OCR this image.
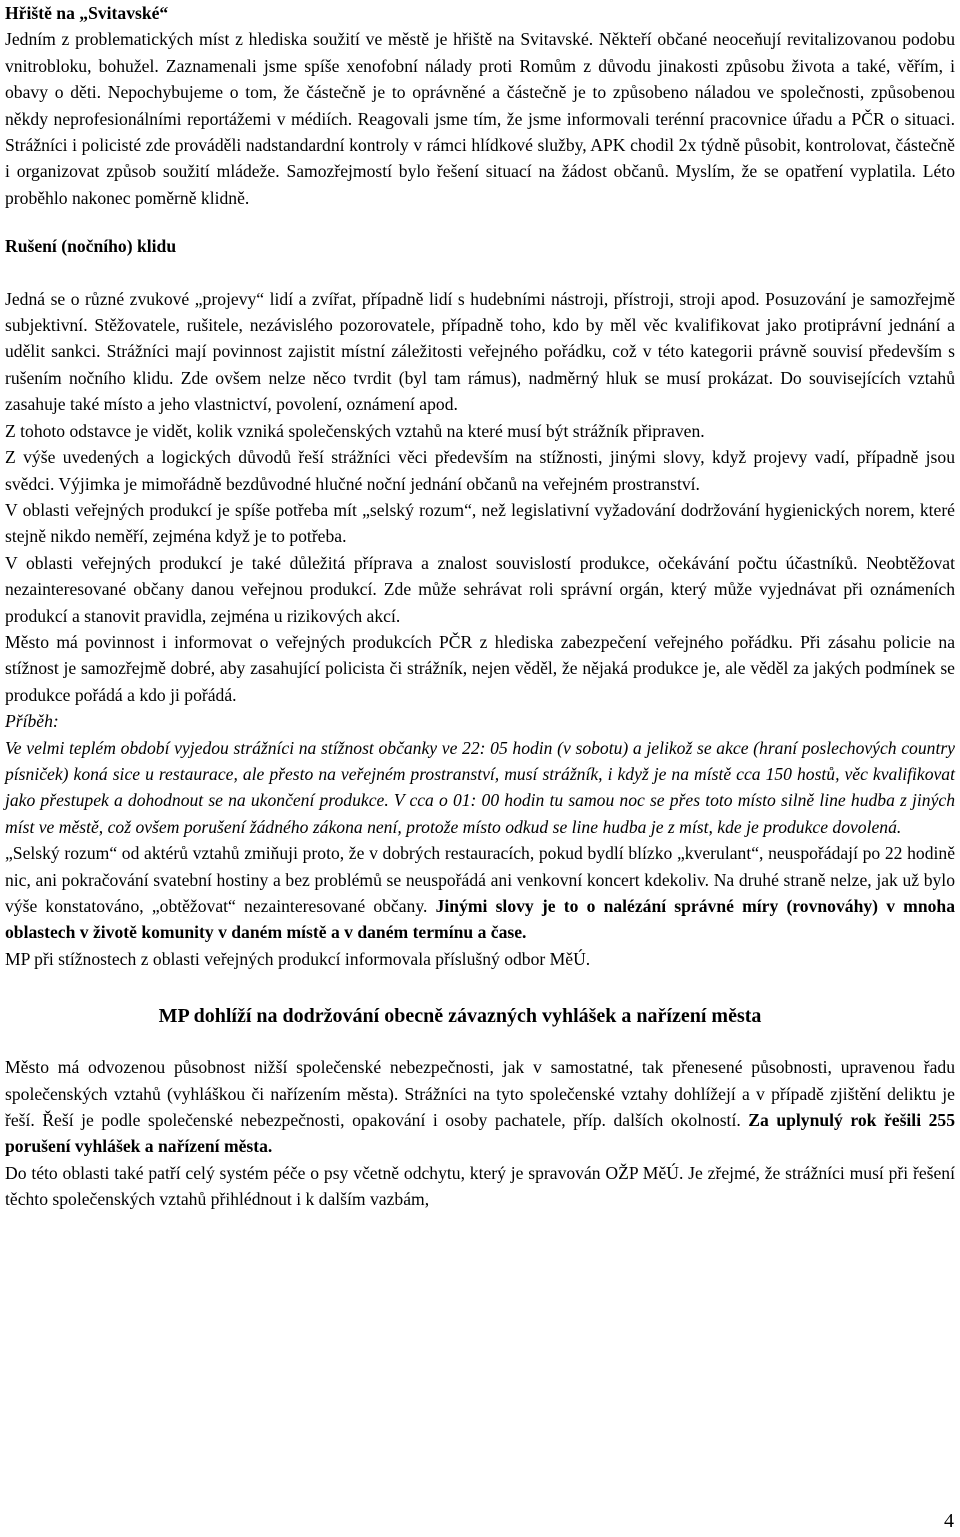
Hřiště na „Svitavské“

Jedním z problematických míst z hlediska soužití ve městě je hřiště na Svitavské. Někteří občané neoceňují revitalizovanou podobu vnitrobloku, bohužel. Zaznamenali jsme spíše xenofobní nálady proti Romům z důvodu jinakosti způsobu života a také, věřím, i obavy o děti. Nepochybujeme o tom, že částečně je to oprávněné a částečně je to způsobeno náladou ve společnosti, způsobenou někdy neprofesionálními reportážemi v médiích. Reagovali jsme tím, že jsme informovali terénní pracovnice úřadu a PČR o situaci. Strážníci i policisté zde prováděli nadstandardní kontroly v rámci hlídkové služby, APK chodil 2x týdně působit, kontrolovat, částečně i organizovat způsob soužití mládeže. Samozřejmostí bylo řešení situací na žádost občanů. Myslím, že se opatření vyplatila. Léto proběhlo nakonec poměrně klidně.

Rušení (nočního) klidu

Jedná se o různé zvukové „projevy“ lidí a zvířat, případně lidí s hudebními nástroji, přístroji, stroji apod. Posuzování je samozřejmě subjektivní. Stěžovatele, rušitele, nezávislého pozorovatele, případně toho, kdo by měl věc kvalifikovat jako protiprávní jednání a udělit sankci. Strážníci mají povinnost zajistit místní záležitosti veřejného pořádku, což v této kategorii právně souvisí především s rušením nočního klidu. Zde ovšem nelze něco tvrdit (byl tam rámus), nadměrný hluk se musí prokázat. Do souvisejících vztahů zasahuje také místo a jeho vlastnictví, povolení, oznámení apod.

Z tohoto odstavce je vidět, kolik vzniká společenských vztahů na které musí být strážník připraven.

Z výše uvedených a logických důvodů řeší strážníci věci především na stížnosti, jinými slovy, když projevy vadí, případně jsou svědci. Výjimka je mimořádně bezdůvodné hlučné noční jednání občanů na veřejném prostranství.

V oblasti veřejných produkcí je spíše potřeba mít „selský rozum“, než legislativní vyžadování dodržování hygienických norem, které stejně nikdo neměří, zejména když je to potřeba.

V oblasti veřejných produkcí je také důležitá příprava a znalost souvislostí produkce, očekávání počtu účastníků. Neobtěžovat nezainteresované občany danou veřejnou produkcí. Zde může sehrávat roli správní orgán, který může vyjednávat při oznámeních produkcí a stanovit pravidla, zejména u rizikových akcí.

Město má povinnost i informovat o veřejných produkcích PČR z hlediska zabezpečení veřejného pořádku. Při zásahu policie na stížnost je samozřejmě dobré, aby zasahující policista či strážník, nejen věděl, že nějaká produkce je, ale věděl za jakých podmínek se produkce pořádá a kdo ji pořádá.

Příběh:

Ve velmi teplém období vyjedou strážníci na stížnost občanky ve 22: 05 hodin (v sobotu) a jelikož se akce (hraní poslechových country písniček) koná sice u restaurace, ale přesto na veřejném prostranství, musí strážník, i když je na místě cca 150 hostů, věc kvalifikovat jako přestupek a dohodnout se na ukončení produkce. V cca o 01: 00 hodin tu samou noc se přes toto místo silně line hudba z jiných míst ve městě, což ovšem porušení žádného zákona není, protože místo odkud se line hudba je z míst, kde je produkce dovolená.

„Selský rozum“ od aktérů vztahů zmiňuji proto, že v dobrých restauracích, pokud bydlí blízko „kverulant“, neuspořádají po 22 hodině nic, ani pokračování svatební hostiny a bez problémů se neuspořádá ani venkovní koncert kdekoliv. Na druhé straně nelze, jak už bylo výše konstatováno, „obtěžovat“ nezainteresované občany. Jinými slovy je to o nalézání správné míry (rovnováhy) v mnoha oblastech v životě komunity v daném místě a v daném termínu a čase.

MP při stížnostech z oblasti veřejných produkcí informovala příslušný odbor MěÚ.

MP dohlíží na dodržování obecně závazných vyhlášek a nařízení města

Město má odvozenou působnost nižší společenské nebezpečnosti, jak v samostatné, tak přenesené působnosti, upravenou řadu společenských vztahů (vyhláškou či nařízením města). Strážníci na tyto společenské vztahy dohlížejí a v případě zjištění deliktu je řeší. Řeší je podle společenské nebezpečnosti, opakování i osoby pachatele, příp. dalších okolností. Za uplynulý rok řešili 255 porušení vyhlášek a nařízení města.

Do této oblasti také patří celý systém péče o psy včetně odchytu, který je spravován OŽP MěÚ. Je zřejmé, že strážníci musí při řešení těchto společenských vztahů přihlédnout i k dalším vazbám,

4
